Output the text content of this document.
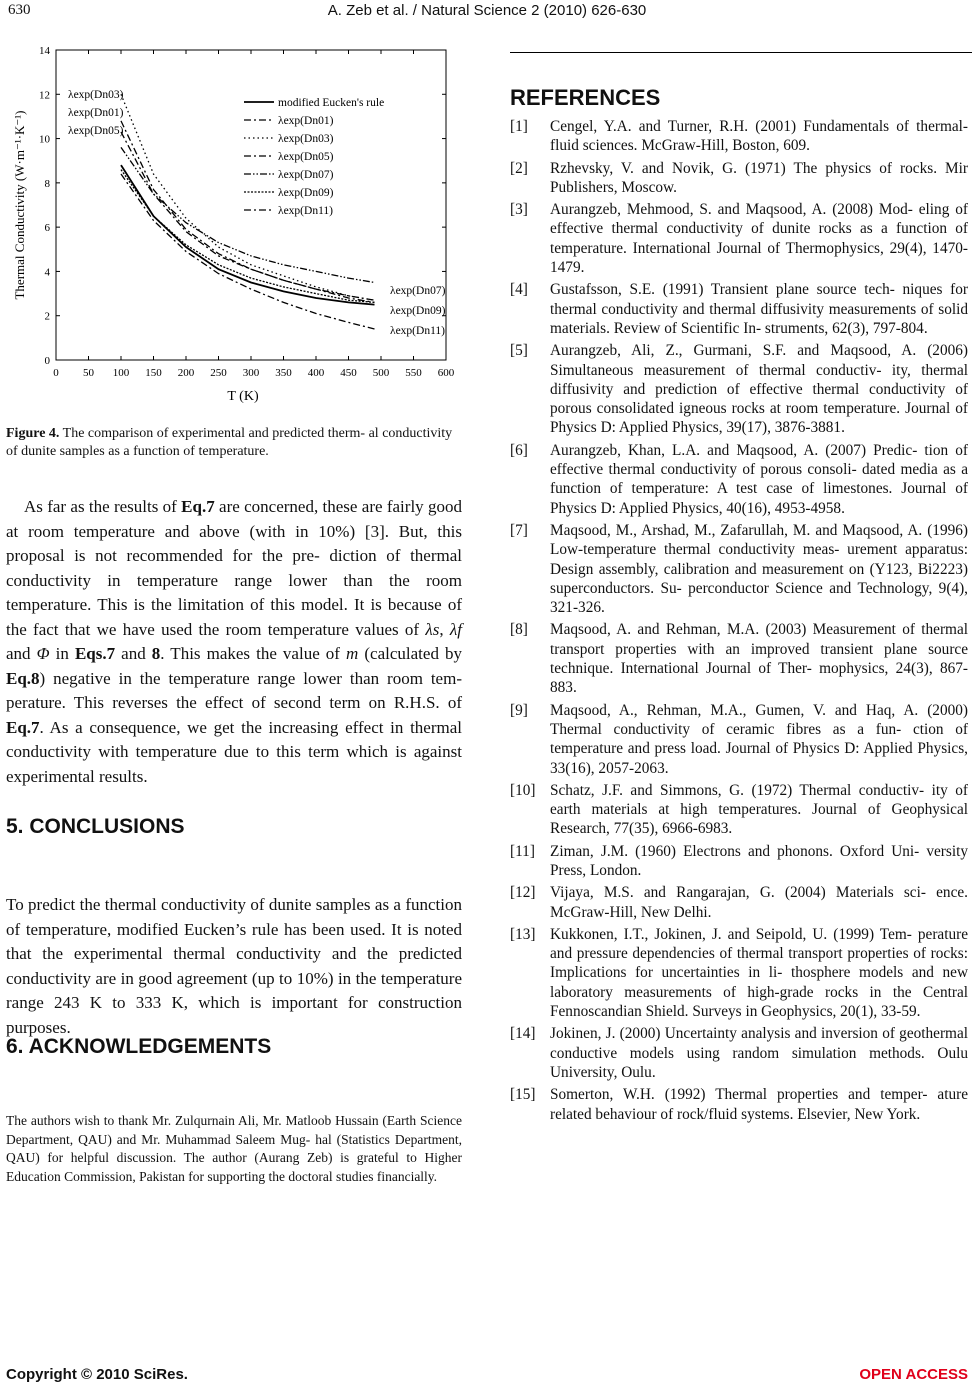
630	A. Zeb et al. / Natural Science 2 (2010) 626-630
0 50 100 150 200 250 300 350 400 450 500 550 600
0
2
4
6
8
10
12
14
T (K)
Thermal Conductivity (W·m⁻¹·K⁻¹)
modified Eucken's rule
λexp(Dn01)
λexp(Dn03)
λexp(Dn05)
λexp(Dn07)
λexp(Dn09)
λexp(Dn11)
λexp(Dn03)
λexp(Dn01)
λexp(Dn05)
λexp(Dn07)
λexp(Dn09)
λexp(Dn11)
Figure 4. The comparison of experimental and predicted therm- al conductivity of dunite samples as a function of temperature.

As far as the results of Eq.7 are concerned, these are fairly good at room temperature and above (with in 10%) [3]. But, this proposal is not recommended for the pre- diction of thermal conductivity in temperature range lower than the room temperature. This is the limitation of this model. It is because of the fact that we have used the room temperature values of λs, λf and Φ in Eqs.7 and 8. This makes the value of m (calculated by Eq.8) negative in the temperature range lower than room tem- perature. This reverses the effect of second term on R.H.S. of Eq.7. As a consequence, we get the increasing effect in thermal conductivity with temperature due to this term which is against experimental results.

5. CONCLUSIONS
To predict the thermal conductivity of dunite samples as a function of temperature, modified Eucken’s rule has been used. It is noted that the experimental thermal conductivity and the predicted conductivity are in good agreement (up to 10%) in the temperature range 243 K to 333 K, which is important for construction purposes.
6. ACKNOWLEDGEMENTS
The authors wish to thank Mr. Zulqurnain Ali, Mr. Matloob Hussain (Earth Science Department, QAU) and Mr. Muhammad Saleem Mug- hal (Statistics Department, QAU) for helpful discussion. The author (Aurang Zeb) is grateful to Higher Education Commission, Pakistan for supporting the doctoral studies financially.
REFERENCES
[1]	Cengel, Y.A. and Turner, R.H. (2001) Fundamentals of thermal-fluid sciences. McGraw-Hill, Boston, 609.
[2]	Rzhevsky, V. and Novik, G. (1971) The physics of rocks. Mir Publishers, Moscow.
[3]	Aurangzeb, Mehmood, S. and Maqsood, A. (2008) Mod- eling of effective thermal conductivity of dunite rocks as a function of temperature. International Journal of Thermophysics, 29(4), 1470-1479.
[4]	Gustafsson, S.E. (1991) Transient plane source tech- niques for thermal conductivity and thermal diffusivity measurements of solid materials. Review of Scientific In- struments, 62(3), 797-804.
[5]	Aurangzeb, Ali, Z., Gurmani, S.F. and Maqsood, A. (2006) Simultaneous measurement of thermal conductiv- ity, thermal diffusivity and prediction of effective thermal conductivity of porous consolidated igneous rocks at room temperature. Journal of Physics D: Applied Physics, 39(17), 3876-3881.
[6]	Aurangzeb, Khan, L.A. and Maqsood, A. (2007) Predic- tion of effective thermal conductivity of porous consoli- dated media as a function of temperature: A test case of limestones. Journal of Physics D: Applied Physics, 40(16), 4953-4958.
[7]	Maqsood, M., Arshad, M., Zafarullah, M. and Maqsood, A. (1996) Low-temperature thermal conductivity meas- urement apparatus: Design assembly, calibration and measurement on (Y123, Bi2223) superconductors. Su- perconductor Science and Technology, 9(4), 321-326.
[8]	Maqsood, A. and Rehman, M.A. (2003) Measurement of thermal transport properties with an improved transient plane source technique. International Journal of Ther- mophysics, 24(3), 867-883.
[9]	Maqsood, A., Rehman, M.A., Gumen, V. and Haq, A. (2000) Thermal conductivity of ceramic fibres as a fun- ction of temperature and press load. Journal of Physics D: Applied Physics, 33(16), 2057-2063.
[10] Schatz, J.F. and Simmons, G. (1972) Thermal conductiv- ity of earth materials at high temperatures. Journal of Geophysical Research, 77(35), 6966-6983.
[11] Ziman, J.M. (1960) Electrons and phonons. Oxford Uni- versity Press, London.
[12] Vijaya, M.S. and Rangarajan, G. (2004) Materials sci- ence. McGraw-Hill, New Delhi.
[13] Kukkonen, I.T., Jokinen, J. and Seipold, U. (1999) Tem- perature and pressure dependencies of thermal transport properties of rocks: Implications for uncertainties in li- thosphere models and new laboratory measurements of high-grade rocks in the Central Fennoscandian Shield. Surveys in Geophysics, 20(1), 33-59.
[14] Jokinen, J. (2000) Uncertainty analysis and inversion of geothermal conductive models using random simulation methods. Oulu University, Oulu.
[15] Somerton, W.H. (1992) Thermal properties and temper- ature related behaviour of rock/fluid systems. Elsevier, New York.
Copyright © 2010 SciRes.	OPEN ACCESS
